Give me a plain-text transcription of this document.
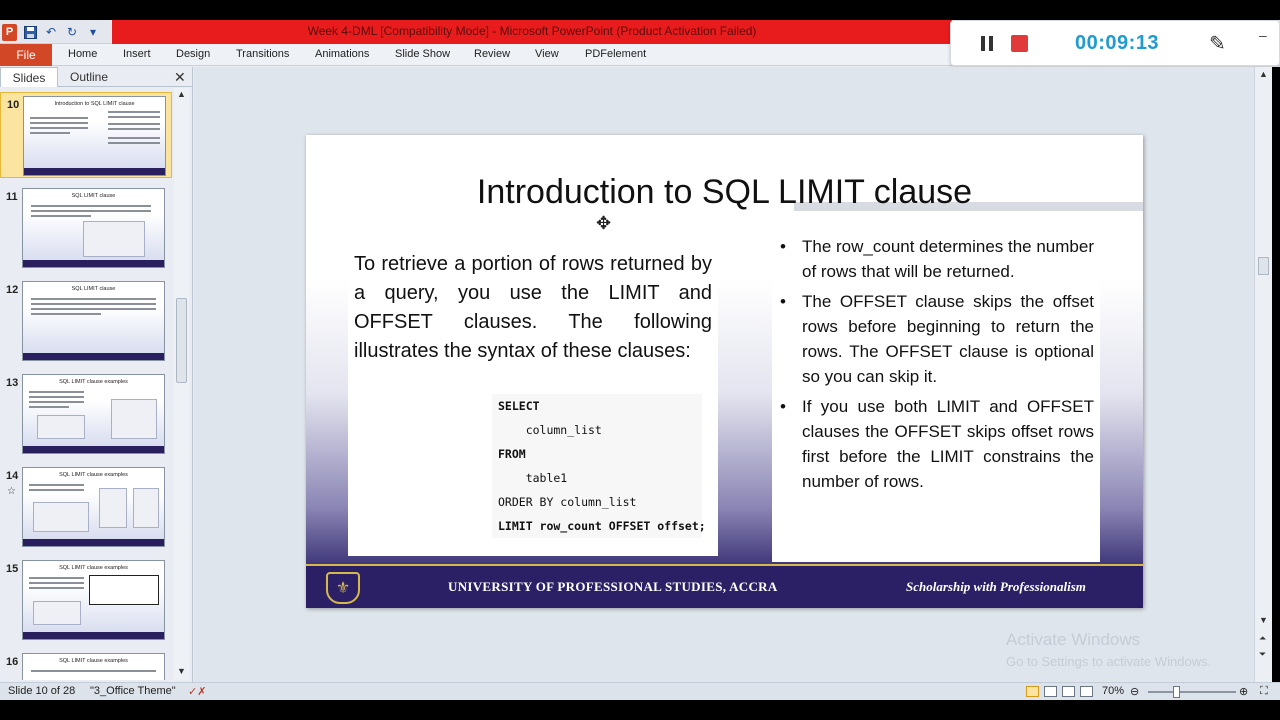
P	↶ ↻	▾	Week 4-DML [Compatibility Mode] - Microsoft PowerPoint (Product Activation Failed)
File	Home Insert Design Transitions Animations Slide Show Review View PDFelement	00:09:13 ✎ –
Slides	Outline	✕
10	Introduction to SQL LIMIT clause
11	SQL LIMIT clause
12	SQL LIMIT clause
13	SQL LIMIT clause examples
14
☆
SQL LIMIT clause examples
15	SQL LIMIT clause examples
16	SQL LIMIT clause examples
▲
▼
Introduction to SQL LIMIT clause
To retrieve a portion of rows returned by a query, you use the LIMIT and OFFSET clauses. The following illustrates the syntax of these clauses:
SELECT
column_list
FROM
table1
ORDER BY column_list
LIMIT row_count OFFSET offset;
• The row_count determines the number of rows that will be returned.
• The OFFSET clause skips the offset rows before beginning to return the rows. The OFFSET clause is optional so you can skip it.
• If you use both LIMIT and OFFSET clauses the OFFSET skips offset rows first before the LIMIT constrains the number of rows.
⚜	UNIVERSITY OF PROFESSIONAL STUDIES, ACCRA	Scholarship with Professionalism
✥
▲
▼
⏶
⏷
Activate Windows
Go to Settings to activate Windows.
Slide 10 of 28 "3_Office Theme" ✓✗	70% ⊖	⊕ ⛶
